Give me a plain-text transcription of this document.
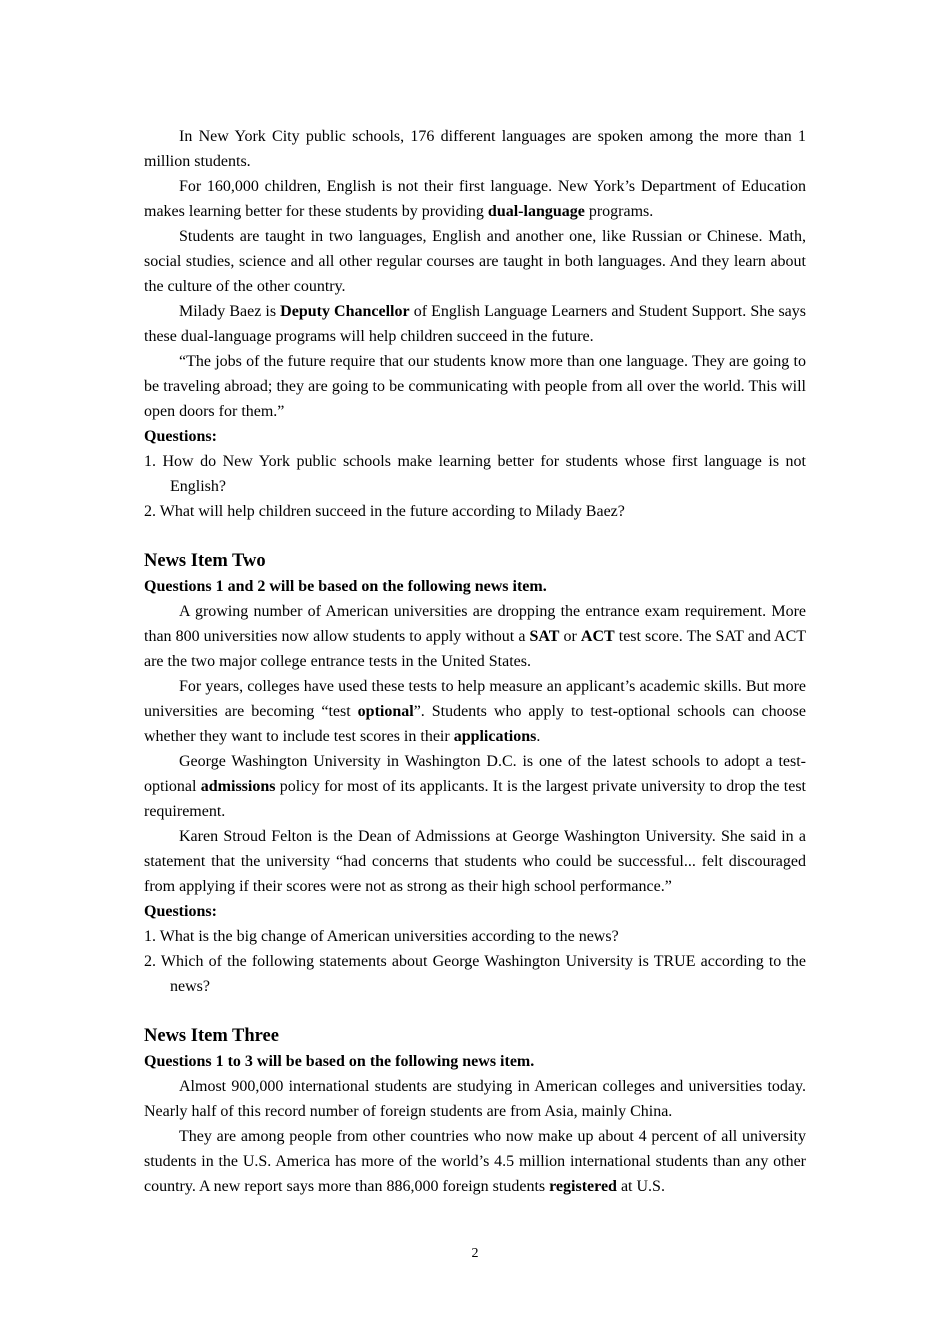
In New York City public schools, 176 different languages are spoken among the more than 1 million students.

For 160,000 children, English is not their first language. New York’s Department of Education makes learning better for these students by providing dual-language programs.

Students are taught in two languages, English and another one, like Russian or Chinese. Math, social studies, science and all other regular courses are taught in both languages. And they learn about the culture of the other country.

Milady Baez is Deputy Chancellor of English Language Learners and Student Support. She says these dual-language programs will help children succeed in the future.

“The jobs of the future require that our students know more than one language. They are going to be traveling abroad; they are going to be communicating with people from all over the world. This will open doors for them.”

Questions:

1. How do New York public schools make learning better for students whose first language is not English?

2. What will help children succeed in the future according to Milady Baez?

News Item Two

Questions 1 and 2 will be based on the following news item.

A growing number of American universities are dropping the entrance exam requirement. More than 800 universities now allow students to apply without a SAT or ACT test score. The SAT and ACT are the two major college entrance tests in the United States.

For years, colleges have used these tests to help measure an applicant’s academic skills. But more universities are becoming “test optional”. Students who apply to test-optional schools can choose whether they want to include test scores in their applications.

George Washington University in Washington D.C. is one of the latest schools to adopt a test-optional admissions policy for most of its applicants. It is the largest private university to drop the test requirement.

Karen Stroud Felton is the Dean of Admissions at George Washington University. She said in a statement that the university “had concerns that students who could be successful... felt discouraged from applying if their scores were not as strong as their high school performance.”

Questions:

1. What is the big change of American universities according to the news?

2. Which of the following statements about George Washington University is TRUE according to the news?

News Item Three

Questions 1 to 3 will be based on the following news item.

Almost 900,000 international students are studying in American colleges and universities today. Nearly half of this record number of foreign students are from Asia, mainly China.

They are among people from other countries who now make up about 4 percent of all university students in the U.S. America has more of the world’s 4.5 million international students than any other country. A new report says more than 886,000 foreign students registered at U.S.

2
